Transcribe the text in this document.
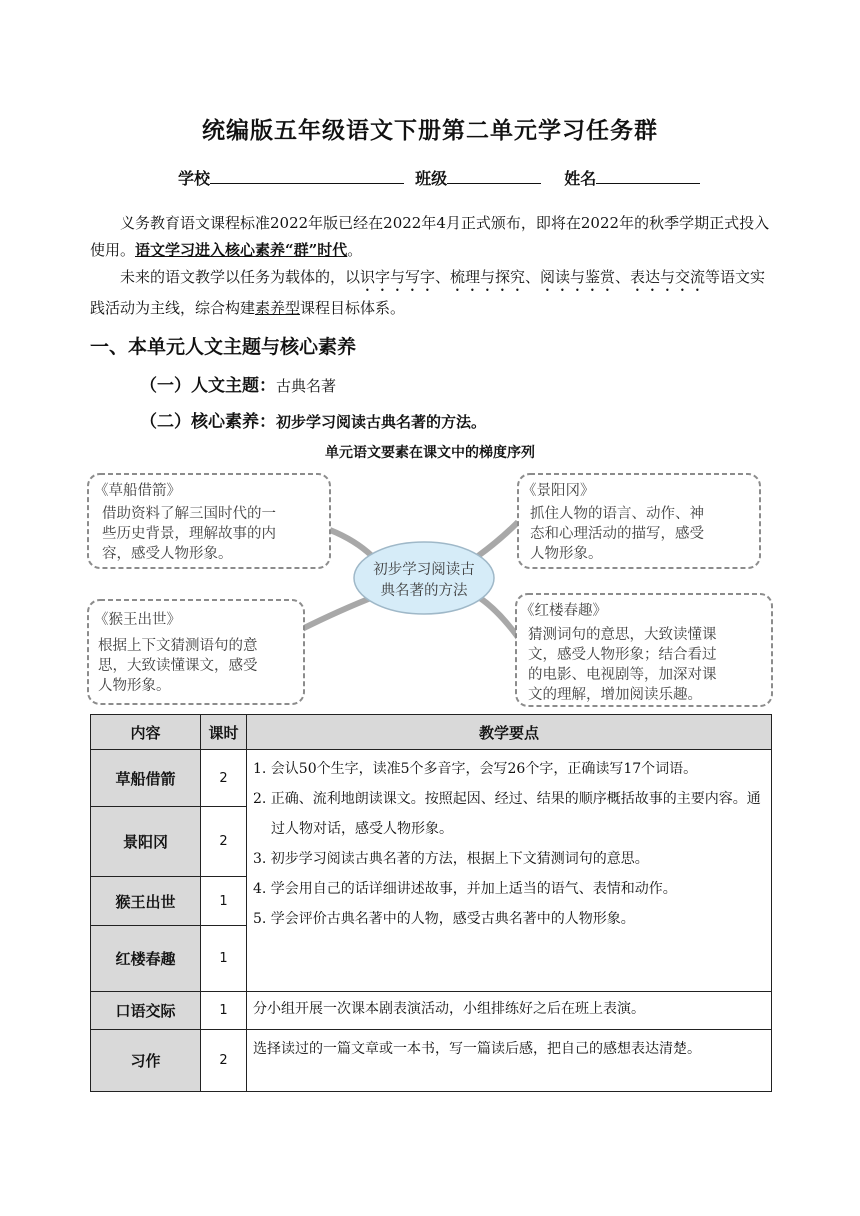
统编版五年级语文下册第二单元学习任务群
学校	班级	姓名
义务教育语文课程标准2022年版已经在2022年4月正式颁布，即将在2022年的秋季学期正式投入使用。语文学习进入核心素养“群”时代。
未来的语文教学以任务为载体的，以识字与写字、梳理与探究、阅读与鉴赏、表达与交流等语文实践活动为主线，综合构建素养型课程目标体系。
一、本单元人文主题与核心素养
（一）人文主题：古典名著
（二）核心素养：初步学习阅读古典名著的方法。
单元语文要素在课文中的梯度序列
初步学习阅读古
典名著的方法
《草船借箭》
借助资料了解三国时代的一
些历史背景，理解故事的内
容，感受人物形象。
《景阳冈》
抓住人物的语言、动作、神
态和心理活动的描写，感受
人物形象。
《猴王出世》
根据上下文猜测语句的意
思，大致读懂课文，感受
人物形象。
《红楼春趣》
猜测词句的意思，大致读懂课
文，感受人物形象；结合看过
的电影、电视剧等，加深对课
文的理解，增加阅读乐趣。
内容	课时	教学要点
草船借箭	2	1. 会认50个生字，读准5个多音字，会写26个字，正确读写17个词语。
2. 正确、流利地朗读课文。按照起因、经过、结果的顺序概括故事的主要内容。通过人物对话，感受人物形象。
3. 初步学习阅读古典名著的方法，根据上下文猜测词句的意思。
4. 学会用自己的话详细讲述故事，并加上适当的语气、表情和动作。
5. 学会评价古典名著中的人物，感受古典名著中的人物形象。

景阳冈	2	
猴王出世	1	
红楼春趣	1	
口语交际	1	分小组开展一次课本剧表演活动，小组排练好之后在班上表演。
习作	2	选择读过的一篇文章或一本书，写一篇读后感，把自己的感想表达清楚。
